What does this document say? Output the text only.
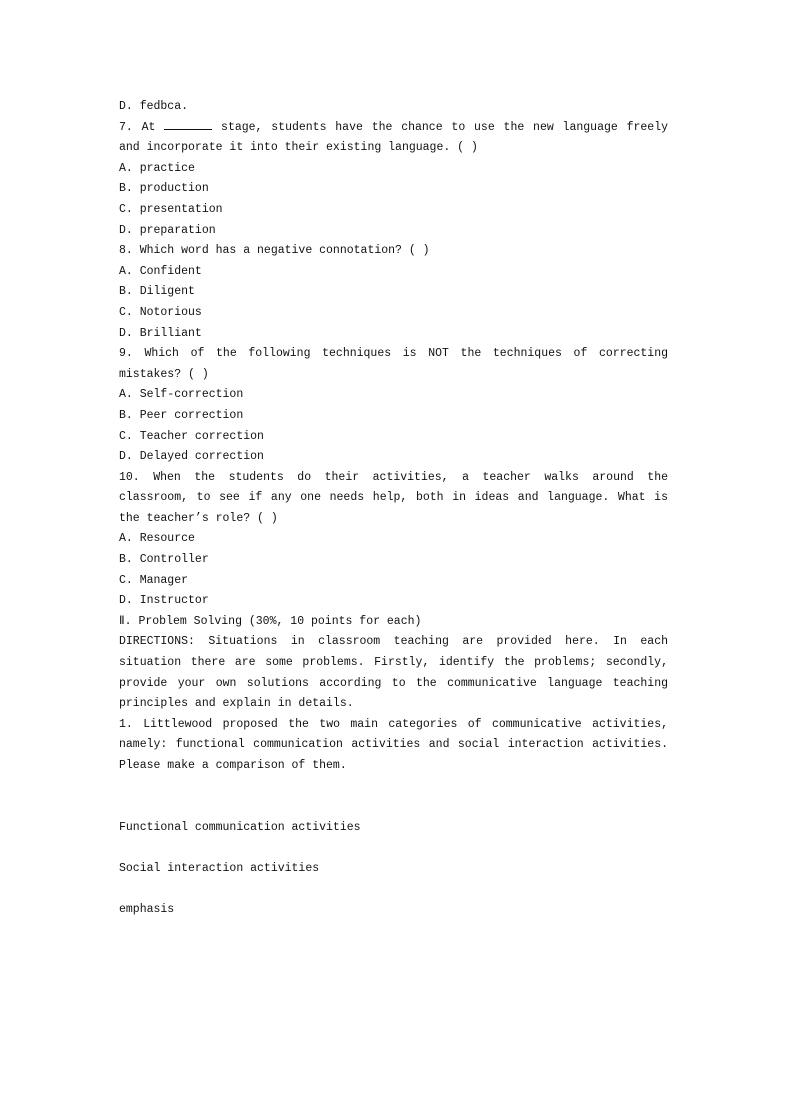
D. fedbca.

7. At	stage, students have the chance to use the new language freely and incorporate it into their existing language. ( )

A. practice

B. production

C. presentation

D. preparation

8. Which word has a negative connotation? ( )

A. Confident

B. Diligent

C. Notorious

D. Brilliant

9. Which of the following techniques is NOT the techniques of correcting mistakes? ( )

A. Self-correction

B. Peer correction

C. Teacher correction

D. Delayed correction

10. When the students do their activities, a teacher walks around the classroom, to see if any one needs help, both in ideas and language. What is the teacher’s role? ( )

A. Resource

B. Controller

C. Manager

D. Instructor

Ⅱ. Problem Solving (30%, 10 points for each)

DIRECTIONS: Situations in classroom teaching are provided here. In each situation there are some problems. Firstly, identify the problems; secondly, provide your own solutions according to the communicative language teaching principles and explain in details.

1. Littlewood proposed the two main categories of communicative activities, namely: functional communication activities and social interaction activities. Please make a comparison of them.

Functional communication activities

Social interaction activities

emphasis
